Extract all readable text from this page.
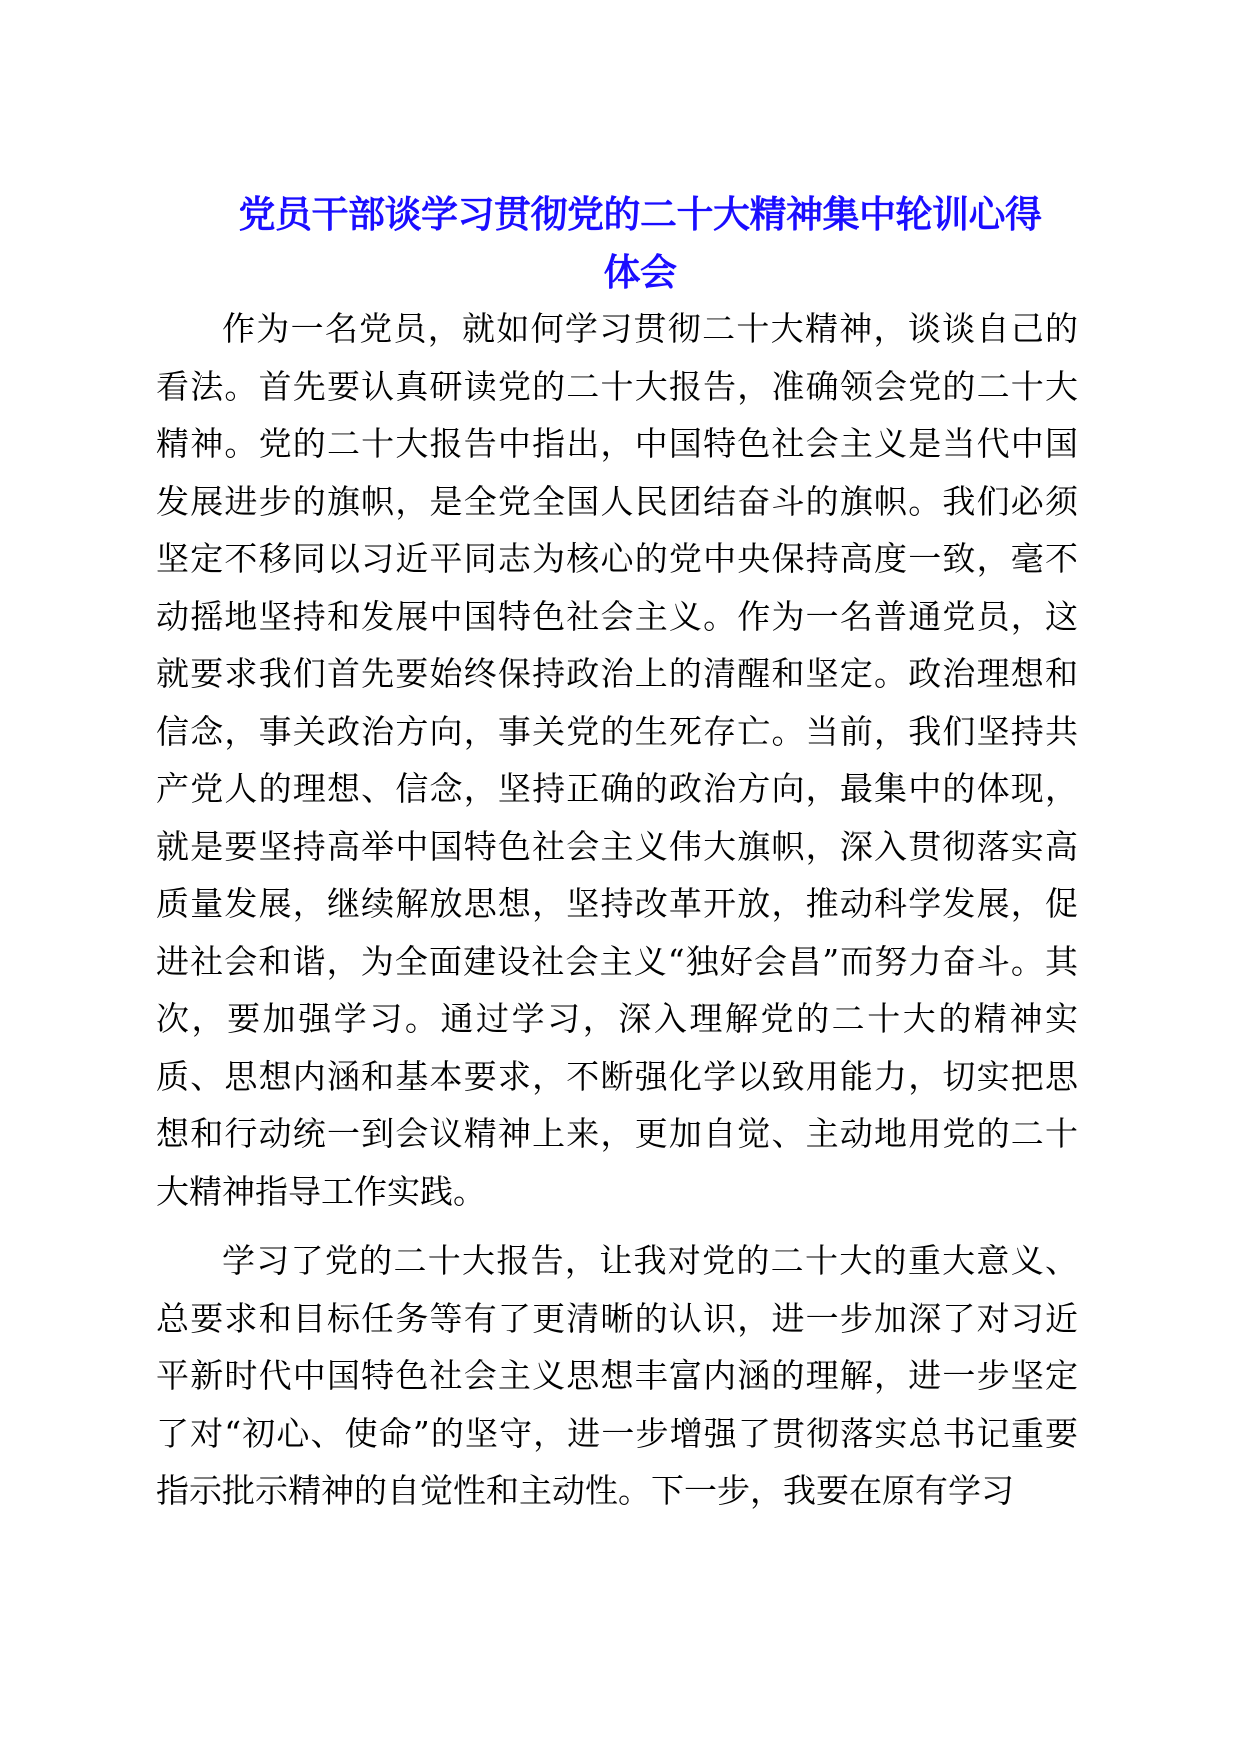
党员干部谈学习贯彻党的二十大精神集中轮训心得
体会

作为一名党员，就如何学习贯彻二十大精神，谈谈自己的看法。首先要认真研读党的二十大报告，准确领会党的二十大精神。党的二十大报告中指出，中国特色社会主义是当代中国发展进步的旗帜，是全党全国人民团结奋斗的旗帜。我们必须坚定不移同以习近平同志为核心的党中央保持高度一致，毫不动摇地坚持和发展中国特色社会主义。作为一名普通党员，这就要求我们首先要始终保持政治上的清醒和坚定。政治理想和信念，事关政治方向，事关党的生死存亡。当前，我们坚持共产党人的理想、信念，坚持正确的政治方向，最集中的体现，就是要坚持高举中国特色社会主义伟大旗帜，深入贯彻落实高质量发展，继续解放思想，坚持改革开放，推动科学发展，促进社会和谐，为全面建设社会主义“独好会昌”而努力奋斗。其次，要加强学习。通过学习，深入理解党的二十大的精神实质、思想内涵和基本要求，不断强化学以致用能力，切实把思想和行动统一到会议精神上来，更加自觉、主动地用党的二十大精神指导工作实践。

学习了党的二十大报告，让我对党的二十大的重大意义、总要求和目标任务等有了更清晰的认识，进一步加深了对习近平新时代中国特色社会主义思想丰富内涵的理解，进一步坚定了对“初心、使命”的坚守，进一步增强了贯彻落实总书记重要指示批示精神的自觉性和主动性。下一步，我要在原有学习
